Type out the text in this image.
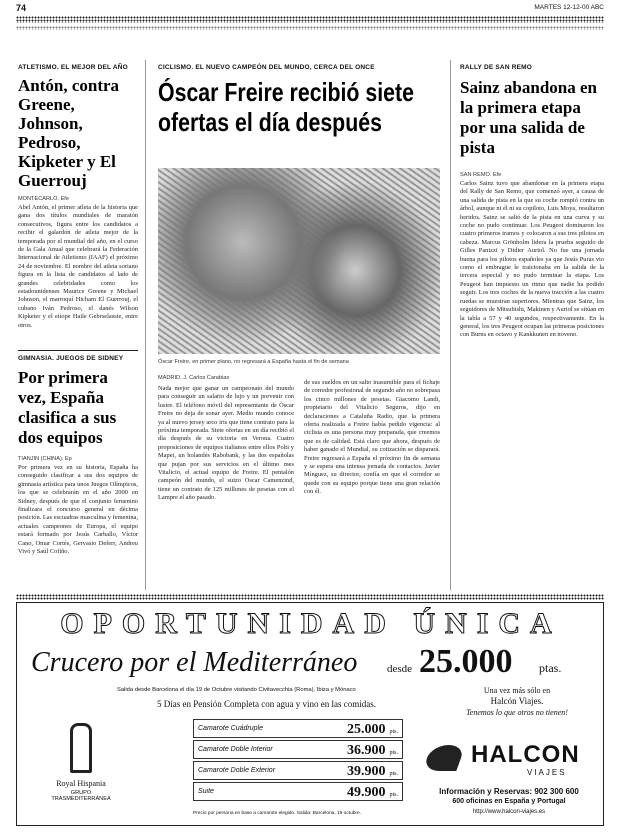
74	MARTES 12-12-00 ABC
ATLETISMO. EL MEJOR DEL AÑO
Antón, contra Greene, Johnson, Pedroso, Kipketer y El Guerrouj
MONTECARLO. Efe
Abel Antón, el primer atleta de la historia que gana dos títulos mundiales de maratón consecutivos, figura entre los candidatos a recibir el galardón de atleta mejor de la temporada por el mundial del año, en el curso de la Gala Anual que celebrará la Federación Internacional de Atletismo (IAAF) el próximo 24 de noviembre. El nombre del atleta soriano figura en la lista de candidatos al lado de grandes celebridades como los estadounidenses Maurice Greene y Michael Johnson, el marroquí Hicham El Guerrouj, el cubano Iván Pedroso, el danés Wilson Kipketer y el etíope Haile Gebrselassie, entre otros.
GIMNASIA. JUEGOS DE SIDNEY
Por primera vez, España clasifica a sus dos equipos
TIANJIN (CHINA). Ep
Por primera vez en su historia, España ha conseguido clasificar a sus dos equipos de gimnasia artística para unos Juegos Olímpicos, los que se celebrarán en el año 2000 en Sidney, después de que el conjunto femenino finalizara el concurso general en décima posición. Las escuadras masculina y femenina, actuales campeones de Europa, el equipo estará formado por Jesús Carballo, Víctor Cano, Omar Cortés, Gervasio Deferr, Andreu Vivó y Saúl Cofiño.
CICLISMO. EL NUEVO CAMPEÓN DEL MUNDO, CERCA DEL ONCE
Óscar Freire recibió siete ofertas el día después
Óscar Freire, en primer plano, no regresará a España hasta el fin de semana
MADRID. J. Carlos Carabias
Nada mejor que ganar un campeonato del mundo para conseguir un salario de lujo y un porvenir con lustre. El teléfono móvil del representante de Óscar Freire no deja de sonar ayer. Medio mundo conoce ya al nuevo jersey arco iris que tiene contrato para la próxima temporada. Siete ofertas en un día recibió el día después de su victoria en Verona. Cuatro proposiciones de equipos italianos entre ellos Polti y Mapei, un holandés Rabobank, y las dos españolas que pujan por sus servicios en el último mes Vitalicio, el actual equipo de Freire. El pentalón campeón del mundo, el suizo Oscar Camenzind, tiene un contrato de 125 millones de pesetas con el Lampre el año pasado.
de sus sueldos en un salto inasumible para el fichaje de corredor profesional de segundo año no sobrepasa los cinco millones de pesetas. Giacomo Landi, propietario del Vitalicio Seguros, dijo en declaraciones a Cataluña Radio, que la primera oferta realizada a Freire había pedido vigencia: al ciclista es una persona muy preparada, que creemos que es de calidad. Está claro que ahora, después de haber ganado el Mundial, su cotización se disparará. Freire regresará a España el próximo fin de semana y se espera una intensa jornada de contactos. Javier Mínguez, su director, confía en que el corredor se quede con su equipo porque tiene una gran relación con él.
RALLY DE SAN REMO
Sainz abandona en la primera etapa por una salida de pista
SAN REMO. Efe
Carlos Sainz tuvo que abandonar en la primera etapa del Rally de San Remo, que comenzó ayer, a causa de una salida de pista en la que su coche rompió contra un árbol, aunque ni él ni su copiloto, Luis Moya, resultaron heridos. Sainz se salió de la pista en una curva y su coche no pudo continuar. Los Peugeot dominaron los cuatro primeros tramos y colocaron a sus tres pilotos en cabeza. Marcus Grönholm lidera la prueba seguido de Gilles Panizzi y Didier Auriol. No fue una jornada buena para los pilotos españoles ya que Jesús Puras vio como el embrague le traicionaba en la salida de la tercera especial y no pudo terminar la etapa. Los Peugeot han impuesto un ritmo que nadie ha podido seguir. Los tres coches de la nueva tracción a las cuatro ruedas se muestran superiores. Mientras que Sainz, los seguidores de Mitsubishi, Makinen y Auriol se sitúan en la tabla a 57 y 40 segundos, respectivamente. En la general, los tres Peugeot ocupan las primeras posiciones con Burns en octavo y Kankkunen en noveno.
OPORTUNIDAD ÚNICA
Crucero por el Mediterráneo	desde 25.000 ptas.
Salida desde Barcelona el día 19 de Octubre visitando Civitavecchia (Roma), Ibiza y Mónaco
5 Días en Pensión Completa con agua y vino en las comidas.
Una vez más sólo en
Halcón Viajes.
Tenemos lo que otros no tienen!
Royal Hispania
GRUPO TRASMEDITERRÁNEA
Camarote Cuádruple	25.000 pts.
Camarote Doble Interior	36.900 pts.
Camarote Doble Exterior	39.900 pts.
Suite	49.900 pts.
HALCON
VIAJES
Información y Reservas: 902 300 600
600 oficinas en España y Portugal
http://www.halcon-viajes.es
Precio por persona en base a camarote elegido. Salida: Barcelona, 19 octubre.
